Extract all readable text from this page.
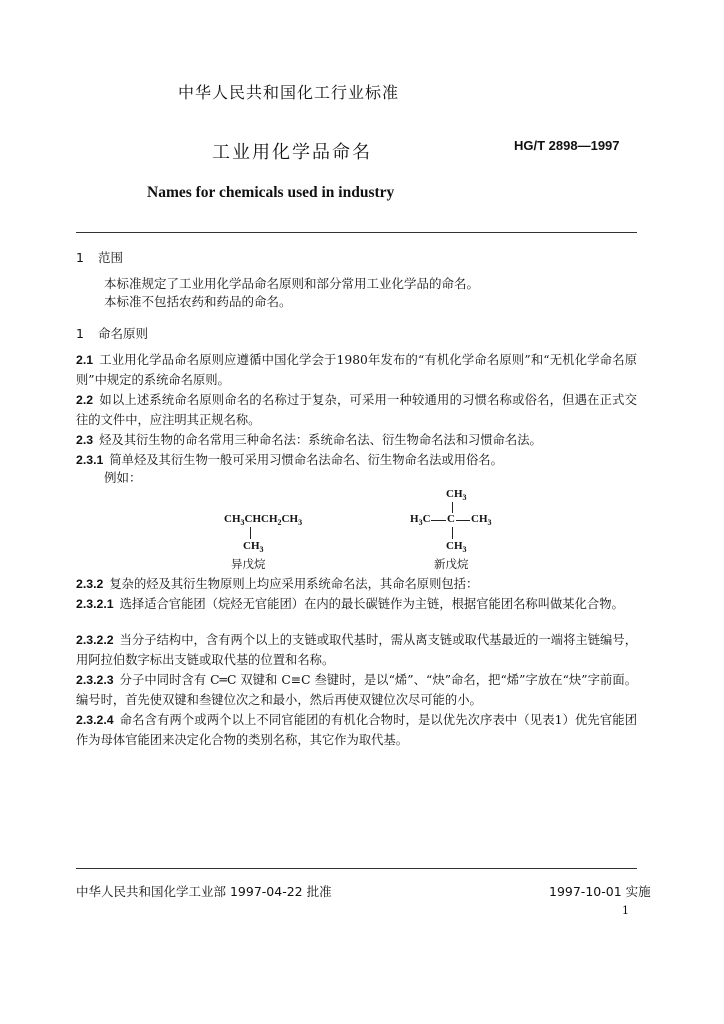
中华人民共和国化工行业标准
工业用化学品命名	HG/T 2898—1997
Names for chemicals used in industry
1 范围
本标准规定了工业用化学品命名原则和部分常用工业化学品的命名。
本标准不包括农药和药品的命名。
1 命名原则
2.1 工业用化学品命名原则应遵循中国化学会于1980年发布的“有机化学命名原则”和“无机化学命名原则”中规定的系统命名原则。
2.2 如以上述系统命名原则命名的名称过于复杂，可采用一种较通用的习惯名称或俗名，但遇在正式交往的文件中，应注明其正规名称。
2.3 烃及其衍生物的命名常用三种命名法：系统命名法、衍生物命名法和习惯命名法。
2.3.1 简单烃及其衍生物一般可采用习惯命名法命名、衍生物命名法或用俗名。
例如：
$CH_3CHCH_2CH_3$
$CH_3$
异戊烷
$CH_3$
$H_3C$ C $CH_3$
$CH_3$
新戊烷
2.3.2 复杂的烃及其衍生物原则上均应采用系统命名法，其命名原则包括：
2.3.2.1 选择适合官能团（烷烃无官能团）在内的最长碳链作为主链，根据官能团名称叫做某化合物。
2.3.2.2 当分子结构中，含有两个以上的支链或取代基时，需从离支链或取代基最近的一端将主链编号，用阿拉伯数字标出支链或取代基的位置和名称。
2.3.2.3 分子中同时含有 C═C 双键和 C≡C 叁键时，是以“烯”、“炔”命名，把“烯”字放在“炔”字前面。编号时，首先使双键和叁键位次之和最小，然后再使双键位次尽可能的小。
2.3.2.4 命名含有两个或两个以上不同官能团的有机化合物时，是以优先次序表中（见表1）优先官能团作为母体官能团来决定化合物的类别名称，其它作为取代基。
中华人民共和国化学工业部 1997-04-22 批准	1997-10-01 实施
1
